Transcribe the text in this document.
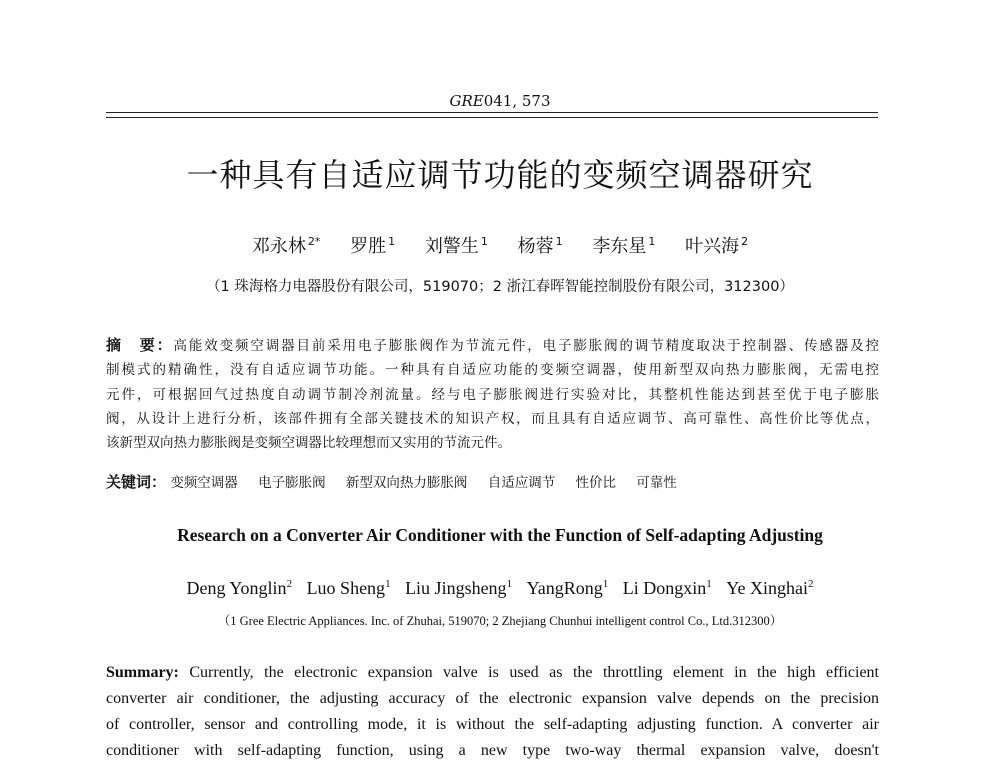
GRE041, 573
一种具有自适应调节功能的变频空调器研究
邓永林 $^{2*}$ 罗胜 $^1$ 刘警生 $^1$ 杨蓉 $^1$ 李东星 $^1$ 叶兴海 $^2$
（1 珠海格力电器股份有限公司，519070；2 浙江春晖智能控制股份有限公司，312300）
摘　要：高能效变频空调器目前采用电子膨胀阀作为节流元件，电子膨胀阀的调节精度取决于控制器、传感器及控
制模式的精确性，没有自适应调节功能。一种具有自适应功能的变频空调器，使用新型双向热力膨胀阀，无需电控
元件，可根据回气过热度自动调节制冷剂流量。经与电子膨胀阀进行实验对比，其整机性能达到甚至优于电子膨胀
阀，从设计上进行分析，该部件拥有全部关键技术的知识产权，而且具有自适应调节、高可靠性、高性价比等优点，
该新型双向热力膨胀阀是变频空调器比较理想而又实用的节流元件。
关键词： 变频空调器 电子膨胀阀 新型双向热力膨胀阀 自适应调节 性价比 可靠性
Research on a Converter Air Conditioner with the Function of Self-adapting Adjusting
Deng Yonglin$^2$ Luo Sheng$^1$ Liu Jingsheng$^1$ YangRong$^1$ Li Dongxin$^1$ Ye Xinghai$^2$
（1 Gree Electric Appliances. Inc. of Zhuhai, 519070; 2 Zhejiang Chunhui intelligent control Co., Ltd.312300）
Summary: Currently, the electronic expansion valve is used as the throttling element in the high efficient
converter air conditioner, the adjusting accuracy of the electronic expansion valve depends on the precision
of controller, sensor and controlling mode, it is without the self-adapting adjusting function. A converter air
conditioner with self-adapting function, using a new type two-way thermal expansion valve, doesn't
